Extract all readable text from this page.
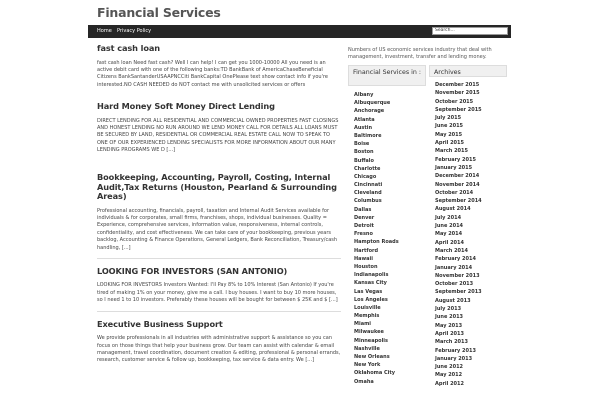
Financial Services
Home Privacy Policy
Search...
fast cash loan

fast cash loan Need fast cash? Well I can help! I can get you 1000-10000 All you need is an active debit card with one of the following banks:TD BankBank of AmericaChaseBeneficial Citizens BankSantanderUSAAPNCCiti BankCapital OnePlease text show contact info if you're interested.NO CASH NEEDED do NOT contact me with unsolicited services or offers

Hard Money Soft Money Direct Lending

DIRECT LENDING FOR ALL RESIDENTIAL AND COMMERCIAL OWNED PROPERTIES FAST CLOSINGS AND HONEST LENDING NO RUN AROUND WE LEND MONEY CALL FOR DETAILS ALL LOANS MUST BE SECURED BY LAND, RESIDENTIAL OR COMMERCIAL REAL ESTATE CALL NOW TO SPEAK TO ONE OF OUR EXPERIENCED LENDING SPECIALISTS FOR MORE INFORMATION ABOUT OUR MANY LENDING PROGRAMS WE D [...]

Bookkeeping, Accounting, Payroll, Costing, Internal Audit,Tax Returns (Houston, Pearland & Surrounding Areas)

Professional accounting, financials, payroll, taxation and Internal Audit Services available for individuals & for corporates, small firms, franchises, shops, individual businesses. Quality = Experience, comprehensive services, information value, responsiveness, internal controls, confidentiality, and cost effectiveness. We can take care of your bookkeeping, previous years backlog, Accounting & Finance Operations, General Ledgers, Bank Reconciliation, Treasury/cash handling, [...]

LOOKING FOR INVESTORS (SAN ANTONIO)

LOOKING FOR INVESTORS Investors Wanted: I'll Pay 8% to 10% Interest (San Antonio) If you're tired of making 1% on your money, give me a call. I buy houses. I want to buy 10 more houses, so I need 1 to 10 investors. Preferably these houses will be bought for between $ 25K and $ [...]

Executive Business Support

We provide professionals in all industries with administrative support & assistance so you can focus on those things that help your business grow. Our team can assist with calendar & email management, travel coordination, document creation & editing, professional & personal errands, research, customer service & follow up, bookkeeping, tax service & data entry. We [...]

Numbers of US economic services industry that deal with management, investment, transfer and lending money.

Financial Services in :
Albany
Albuquerque
Anchorage
Atlanta
Austin
Baltimore
Boise
Boston
Buffalo
Charlotte
Chicago
Cincinnati
Cleveland
Columbus
Dallas
Denver
Detroit
Fresno
Hampton Roads
Hartford
Hawaii
Houston
Indianapolis
Kansas City
Las Vegas
Los Angeles
Louisville
Memphis
Miami
Milwaukee
Minneapolis
Nashville
New Orleans
New York
Oklahoma City
Omaha
Archives
December 2015
November 2015
October 2015
September 2015
July 2015
June 2015
May 2015
April 2015
March 2015
February 2015
January 2015
December 2014
November 2014
October 2014
September 2014
August 2014
July 2014
June 2014
May 2014
April 2014
March 2014
February 2014
January 2014
November 2013
October 2013
September 2013
August 2013
July 2013
June 2013
May 2013
April 2013
March 2013
February 2013
January 2013
June 2012
May 2012
April 2012
